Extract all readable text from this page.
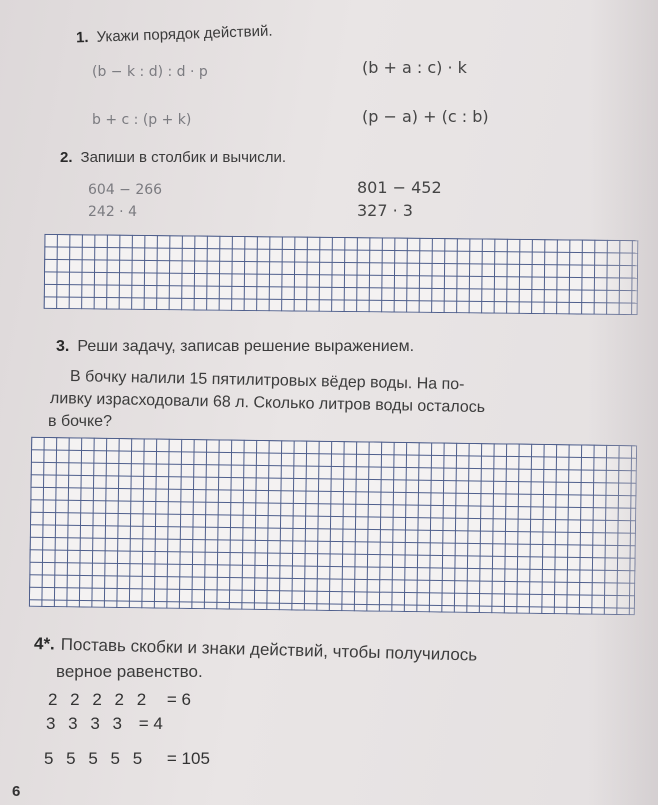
1. Укажи порядок действий.
(b − k : d) : d · p	(b + a : c) · k
b + c : (p + k)	(p − a) + (c : b)
2. Запиши в столбик и вычисли.
604 − 266	801 − 452
242 · 4	327 · 3
3. Реши задачу, записав решение выражением.
В бочку налили 15 пятилитровых вёдер воды. На по-
ливку израсходовали 68 л. Сколько литров воды осталось
в бочке?
4*. Поставь скобки и знаки действий, чтобы получилось
верное равенство.
2 2 2 2 2 = 6
3 3 3 3 = 4
5 5 5 5 5 = 105
6
